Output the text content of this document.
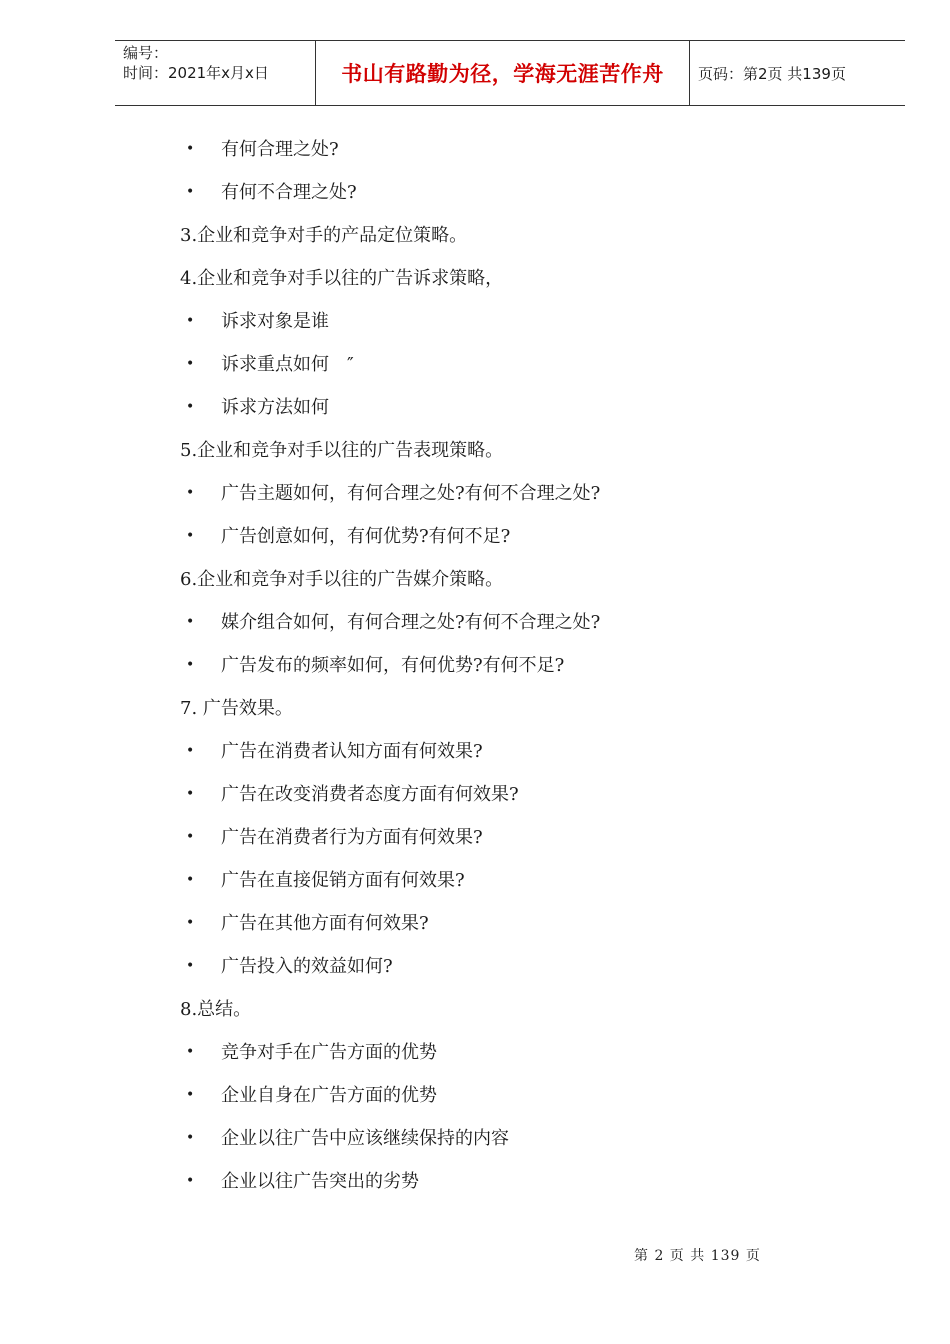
编号：
时间：2021年x月x日	书山有路勤为径，学海无涯苦作舟	页码：第2页 共139页
• 有何合理之处?
• 有何不合理之处?
3.企业和竞争对手的产品定位策略。
4.企业和竞争对手以往的广告诉求策略，
• 诉求对象是谁
• 诉求重点如何　″
• 诉求方法如何
5.企业和竞争对手以往的广告表现策略。
• 广告主题如何，有何合理之处?有何不合理之处?
• 广告创意如何，有何优势?有何不足?
6.企业和竞争对手以往的广告媒介策略。
• 媒介组合如何，有何合理之处?有何不合理之处?
• 广告发布的频率如何，有何优势?有何不足?
7. 广告效果。
• 广告在消费者认知方面有何效果?
• 广告在改变消费者态度方面有何效果?
• 广告在消费者行为方面有何效果?
• 广告在直接促销方面有何效果?
• 广告在其他方面有何效果?
• 广告投入的效益如何?
8.总结。
• 竞争对手在广告方面的优势
• 企业自身在广告方面的优势
• 企业以往广告中应该继续保持的内容
• 企业以往广告突出的劣势
第 2 页 共 139 页
